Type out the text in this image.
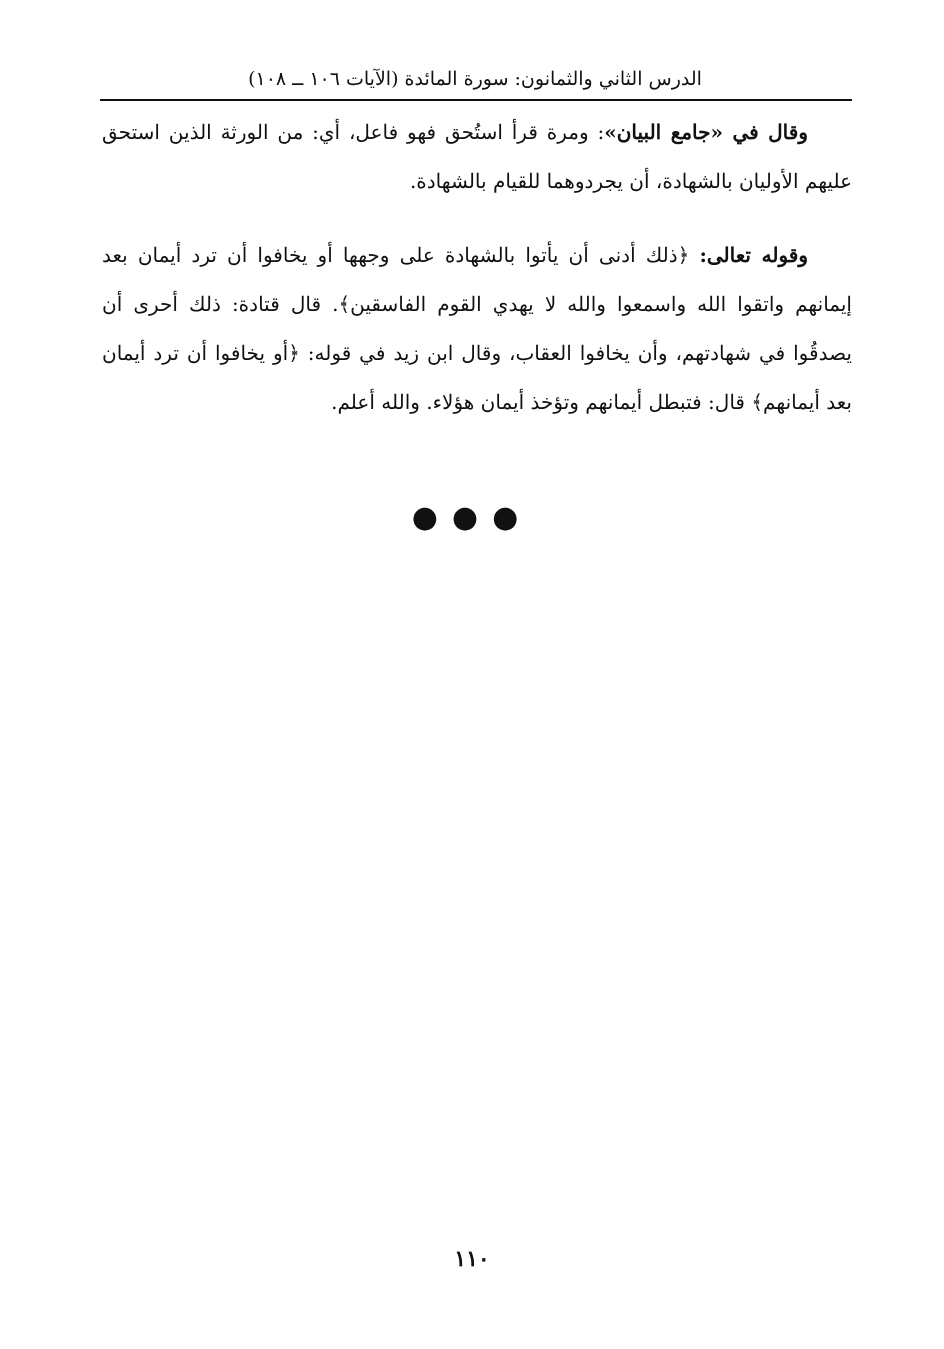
الدرس الثاني والثمانون: سورة المائدة (الآيات ١٠٦ ــ ١٠٨)

وقال في «جامع البيان»: ومرة قرأ استُحق فهو فاعل، أي: من الورثة الذين استحق عليهم الأوليان بالشهادة، أن يجردوهما للقيام بالشهادة.

وقوله تعالى: ﴿ذلك أدنى أن يأتوا بالشهادة على وجهها أو يخافوا أن ترد أيمان بعد إيمانهم واتقوا الله واسمعوا والله لا يهدي القوم الفاسقين﴾. قال قتادة: ذلك أحرى أن يصدقُوا في شهادتهم، وأن يخافوا العقاب، وقال ابن زيد في قوله: ﴿أو يخافوا أن ترد أيمان بعد أيمانهم﴾ قال: فتبطل أيمانهم وتؤخذ أيمان هؤلاء. والله أعلم.

●●●
١١٠
